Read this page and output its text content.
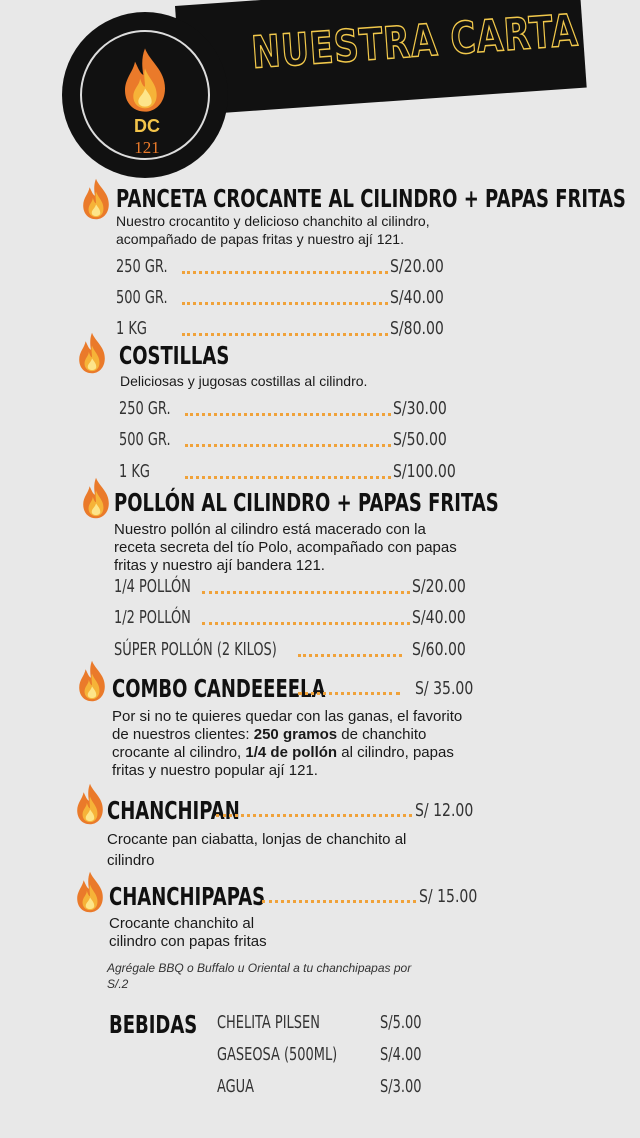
NUESTRA CARTA
DC
121
PANCETA CROCANTE AL CILINDRO + PAPAS FRITAS
Nuestro crocantito y delicioso chanchito al cilindro,
acompañado de papas fritas y nuestro ají 121.
250 GR.	S/20.00
500 GR.	S/40.00
1 KG	S/80.00
COSTILLAS
Deliciosas y jugosas costillas al cilindro.
250 GR.	S/30.00
500 GR.	S/50.00
1 KG	S/100.00
POLLÓN AL CILINDRO + PAPAS FRITAS
Nuestro pollón al cilindro está macerado con la
receta secreta del tío Polo, acompañado con papas
fritas y nuestro ají bandera 121.
1/4 POLLÓN	S/20.00
1/2 POLLÓN	S/40.00
SÚPER POLLÓN (2 KILOS)	S/60.00
COMBO CANDEEEELA	S/ 35.00
Por si no te quieres quedar con las ganas, el favorito
de nuestros clientes: 250 gramos de chanchito
crocante al cilindro, 1/4 de pollón al cilindro, papas
fritas y nuestro popular ají 121.
CHANCHIPAN	S/ 12.00
Crocante pan ciabatta, lonjas de chanchito al
cilindro
CHANCHIPAPAS	S/ 15.00
Crocante chanchito al
cilindro con papas fritas
Agrégale BBQ o Buffalo u Oriental a tu chanchipapas por
S/.2
BEBIDAS CHELITA PILSEN	S/5.00
GASEOSA (500ML) S/4.00
AGUA	S/3.00
